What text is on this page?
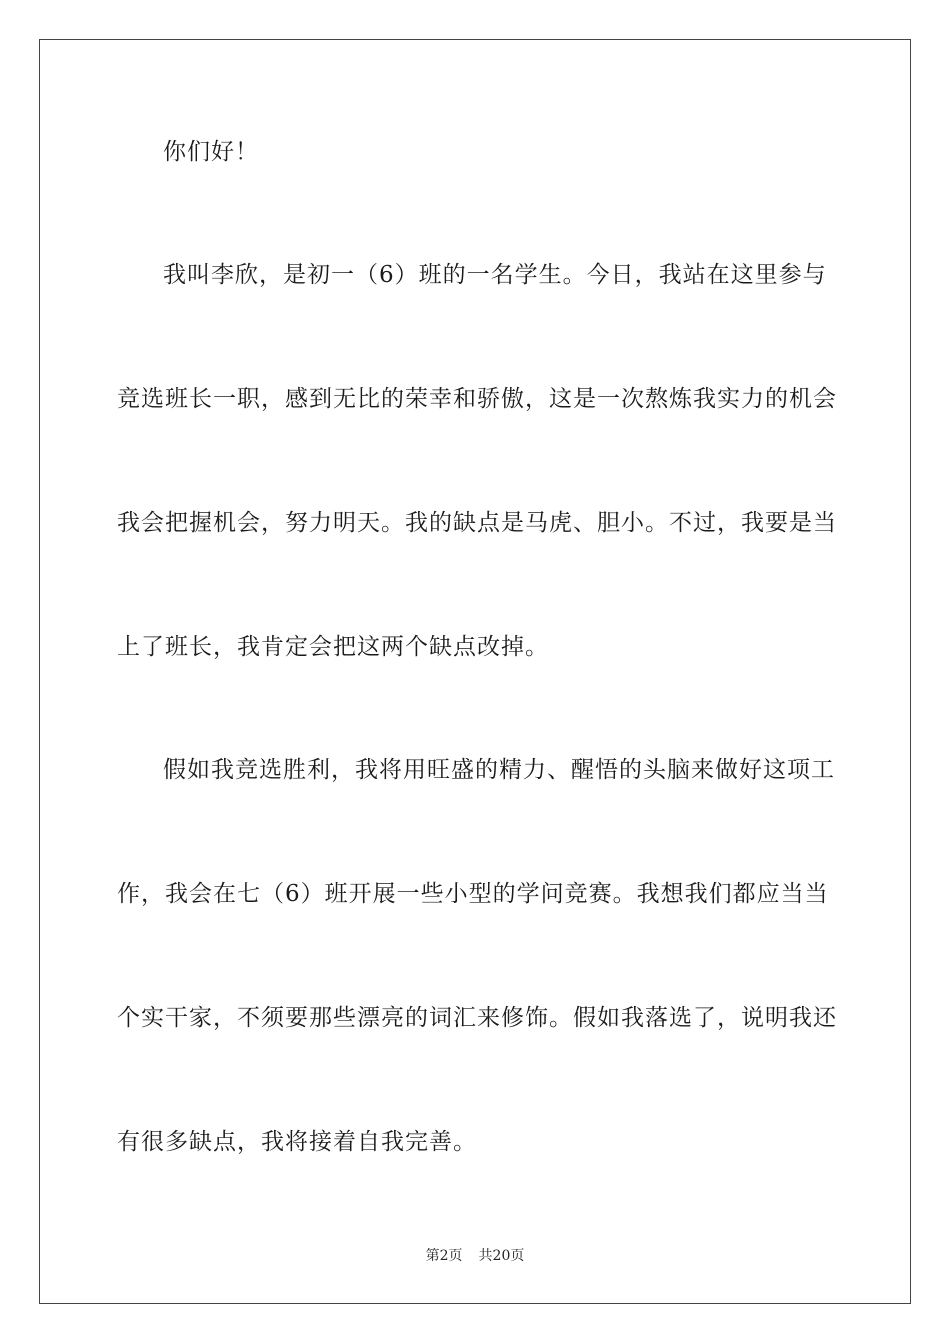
你们好！
我叫李欣，是初一（6）班的一名学生。今日，我站在这里参与
竞选班长一职，感到无比的荣幸和骄傲，这是一次熬炼我实力的机会
我会把握机会，努力明天。我的缺点是马虎、胆小。不过，我要是当
上了班长，我肯定会把这两个缺点改掉。
假如我竞选胜利，我将用旺盛的精力、醒悟的头脑来做好这项工
作，我会在七（6）班开展一些小型的学问竞赛。我想我们都应当当
个实干家，不须要那些漂亮的词汇来修饰。假如我落选了，说明我还
有很多缺点，我将接着自我完善。
第2页 共20页
